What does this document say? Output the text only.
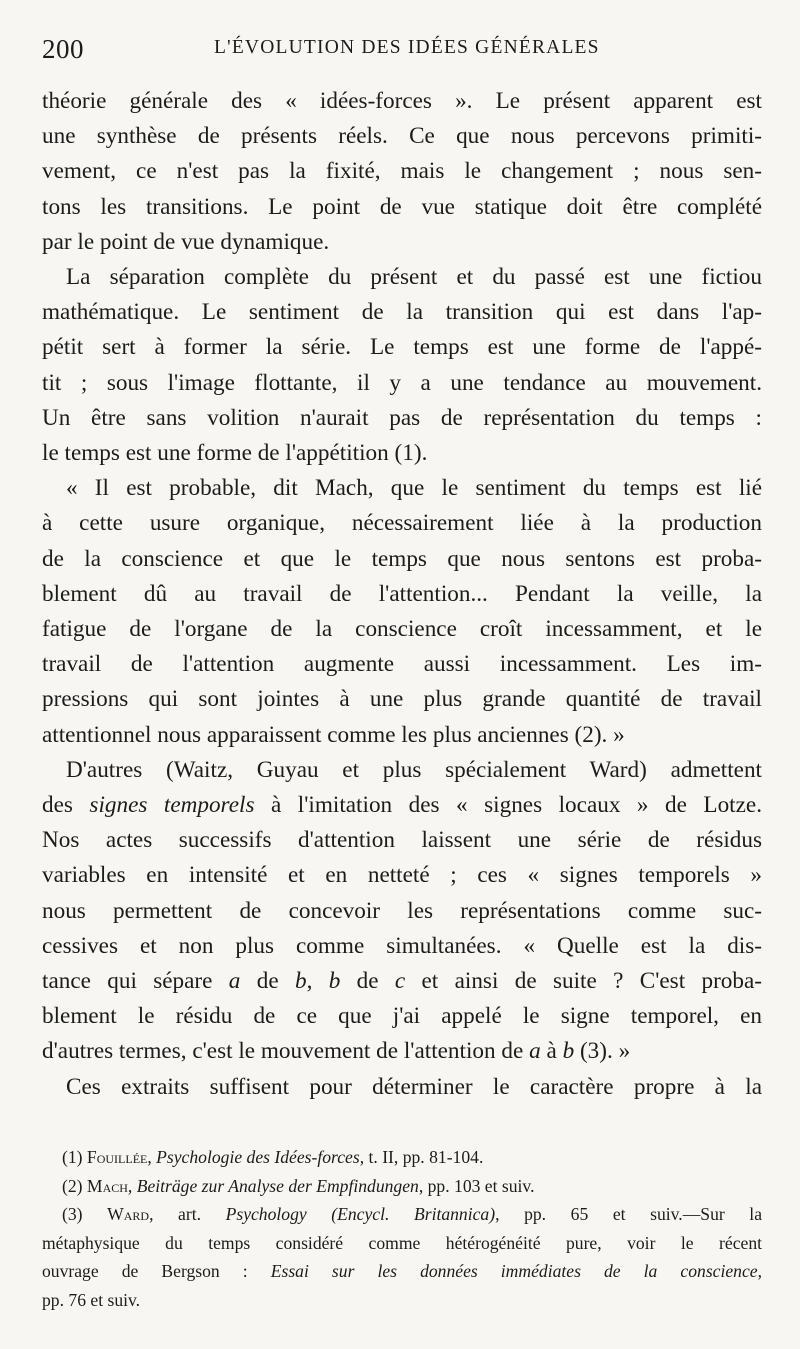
200	L'ÉVOLUTION DES IDÉES GÉNÉRALES

théorie générale des « idées-forces ». Le présent apparent est
une synthèse de présents réels. Ce que nous percevons primiti-
vement, ce n'est pas la fixité, mais le changement ; nous sen-
tons les transitions. Le point de vue statique doit être complété
par le point de vue dynamique.

La séparation complète du présent et du passé est une fictiou
mathématique. Le sentiment de la transition qui est dans l'ap-
pétit sert à former la série. Le temps est une forme de l'appé-
tit ; sous l'image flottante, il y a une tendance au mouvement.
Un être sans volition n'aurait pas de représentation du temps :
le temps est une forme de l'appétition (1).

« Il est probable, dit Mach, que le sentiment du temps est lié
à cette usure organique, nécessairement liée à la production
de la conscience et que le temps que nous sentons est proba-
blement dû au travail de l'attention... Pendant la veille, la
fatigue de l'organe de la conscience croît incessamment, et le
travail de l'attention augmente aussi incessamment. Les im-
pressions qui sont jointes à une plus grande quantité de travail
attentionnel nous apparaissent comme les plus anciennes (2). »

D'autres (Waitz, Guyau et plus spécialement Ward) admettent
des signes temporels à l'imitation des « signes locaux » de Lotze.
Nos actes successifs d'attention laissent une série de résidus
variables en intensité et en netteté ; ces « signes temporels »
nous permettent de concevoir les représentations comme suc-
cessives et non plus comme simultanées. « Quelle est la dis-
tance qui sépare a de b, b de c et ainsi de suite ? C'est proba-
blement le résidu de ce que j'ai appelé le signe temporel, en
d'autres termes, c'est le mouvement de l'attention de a à b (3). »

Ces extraits suffisent pour déterminer le caractère propre à la

(1) Fouillée, Psychologie des Idées-forces, t. II, pp. 81-104.

(2) Mach, Beiträge zur Analyse der Empfindungen, pp. 103 et suiv.

(3) Ward, art. Psychology (Encycl. Britannica), pp. 65 et suiv.—Sur la
métaphysique du temps considéré comme hétérogénéité pure, voir le récent
ouvrage de Bergson : Essai sur les données immédiates de la conscience,
pp. 76 et suiv.
